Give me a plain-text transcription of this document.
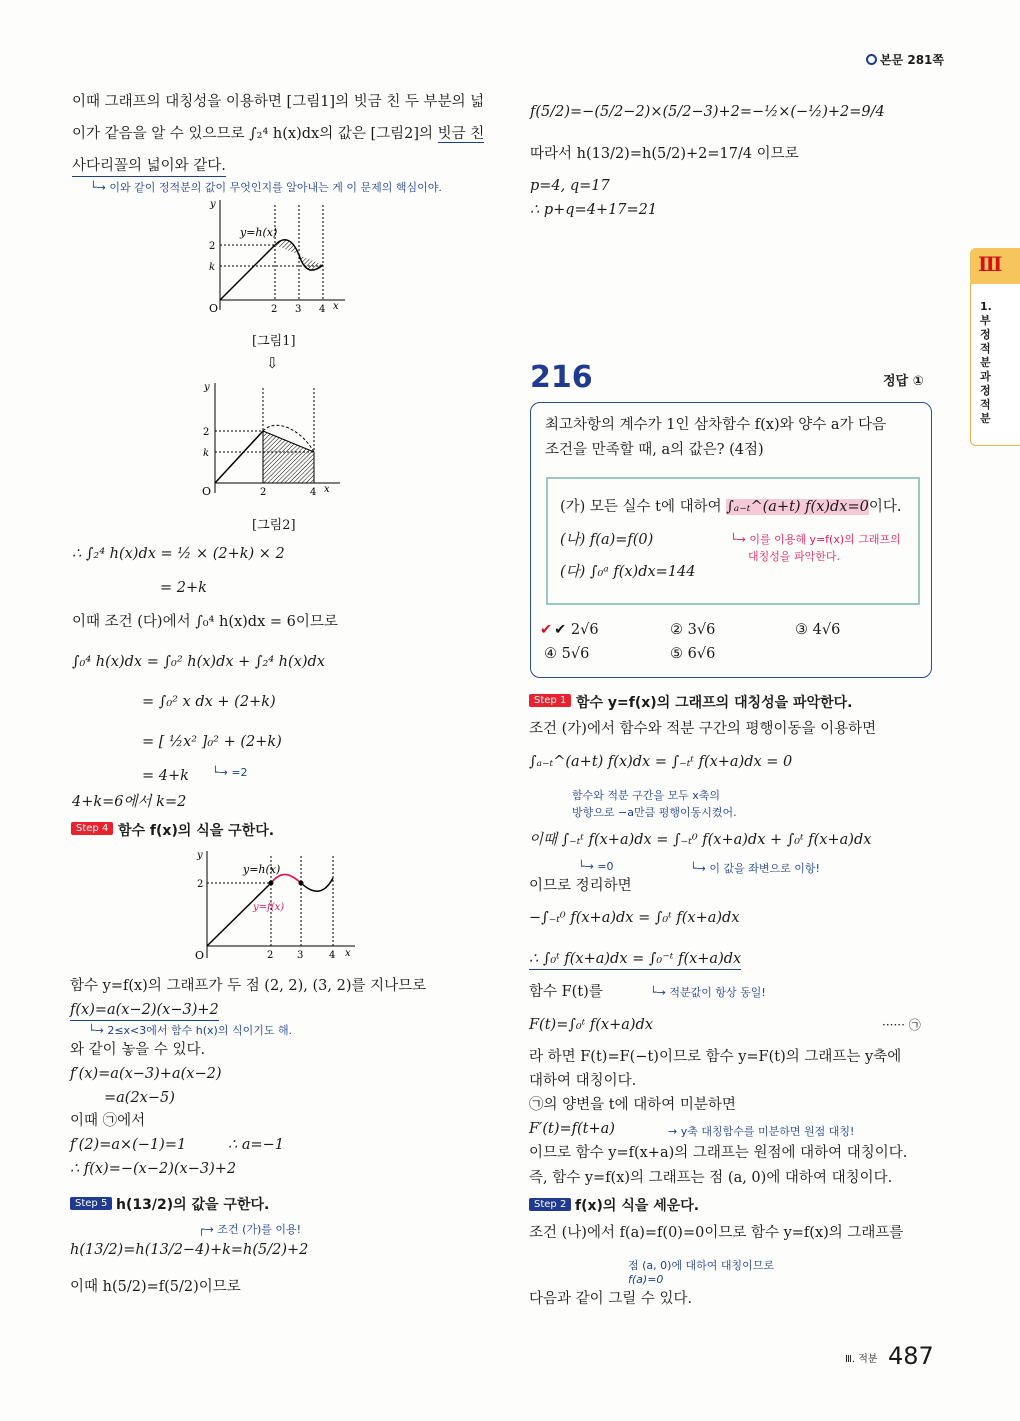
본문 281쪽
이때 그래프의 대칭성을 이용하면 [그림1]의 빗금 친 두 부분의 넓
이가 같음을 알 수 있으므로 ∫₂⁴ h(x)dx의 값은 [그림2]의 빗금 친
사다리꼴의 넓이와 같다.
└→ 이와 같이 정적분의 값이 무엇인지를 알아내는 게 이 문제의 핵심이야.
y
y=h(x)
2
k
O	2 3 4 x
[그림1]
⇩
y
2
k
O	2	4 x
[그림2]
∴ ∫₂⁴ h(x)dx = ½ × (2+k) × 2
= 2+k
이때 조건 (다)에서 ∫₀⁴ h(x)dx = 6이므로
∫₀⁴ h(x)dx = ∫₀² h(x)dx + ∫₂⁴ h(x)dx
= ∫₀² x dx + (2+k)
= [ ½x² ]₀² + (2+k)
└→ =2
= 4+k
4+k=6에서 k=2
Step 4 함수 f(x)의 식을 구한다.
y
y=h(x)
y=f(x)
2
O	2 3	4 x
함수 y=f(x)의 그래프가 두 점 (2, 2), (3, 2)를 지나므로
f(x)=a(x−2)(x−3)+2
└→ 2≤x<3에서 함수 h(x)의 식이기도 해.
와 같이 놓을 수 있다.
f′(x)=a(x−3)+a(x−2)
=a(2x−5)
이때 ㉠에서
f′(2)=a×(−1)=1	∴ a=−1
∴ f(x)=−(x−2)(x−3)+2
Step 5 h(13/2)의 값을 구한다.
┌→ 조건 (가)를 이용!
h(13/2)=h(13/2−4)+k=h(5/2)+2
이때 h(5/2)=f(5/2)이므로
f(5/2)=−(5/2−2)×(5/2−3)+2=−½×(−½)+2=9/4
따라서 h(13/2)=h(5/2)+2=17/4 이므로
p=4, q=17
∴ p+q=4+17=21
216	정답 ①
최고차항의 계수가 1인 삼차함수 f(x)와 양수 a가 다음
조건을 만족할 때, a의 값은? (4점)
(가) 모든 실수 t에 대하여 ∫ₐ₋ₜ^(a+t) f(x)dx=0이다.
(나) f(a)=f(0)
(다) ∫₀ᵃ f(x)dx=144
└→ 이를 이용해 y=f(x)의 그래프의
대칭성을 파악한다.
✔ ✔ 2√6	② 3√6	③ 4√6
④ 5√6	⑤ 6√6
Step 1 함수 y=f(x)의 그래프의 대칭성을 파악한다.
조건 (가)에서 함수와 적분 구간의 평행이동을 이용하면
∫ₐ₋ₜ^(a+t) f(x)dx = ∫₋ₜᵗ f(x+a)dx = 0
함수와 적분 구간을 모두 x축의
방향으로 −a만큼 평행이동시켰어.
이때 ∫₋ₜᵗ f(x+a)dx = ∫₋ₜ⁰ f(x+a)dx + ∫₀ᵗ f(x+a)dx
└→ =0	└→ 이 값을 좌변으로 이항!
이므로 정리하면
−∫₋ₜ⁰ f(x+a)dx = ∫₀ᵗ f(x+a)dx
∴ ∫₀ᵗ f(x+a)dx = ∫₀⁻ᵗ f(x+a)dx
함수 F(t)를	└→ 적분값이 항상 동일!
F(t)=∫₀ᵗ f(x+a)dx	······ ㉠
라 하면 F(t)=F(−t)이므로 함수 y=F(t)의 그래프는 y축에
대하여 대칭이다.
㉠의 양변을 t에 대하여 미분하면
F′(t)=f(t+a)	→ y축 대칭함수를 미분하면 원점 대칭!
이므로 함수 y=f(x+a)의 그래프는 원점에 대하여 대칭이다.
즉, 함수 y=f(x)의 그래프는 점 (a, 0)에 대하여 대칭이다.
Step 2 f(x)의 식을 세운다.
조건 (나)에서 f(a)=f(0)=0이므로 함수 y=f(x)의 그래프를
점 (a, 0)에 대하여 대칭이므로
f(a)=0
다음과 같이 그릴 수 있다.
Ⅲ
1.부정적분과정적분
Ⅲ. 적분 487
